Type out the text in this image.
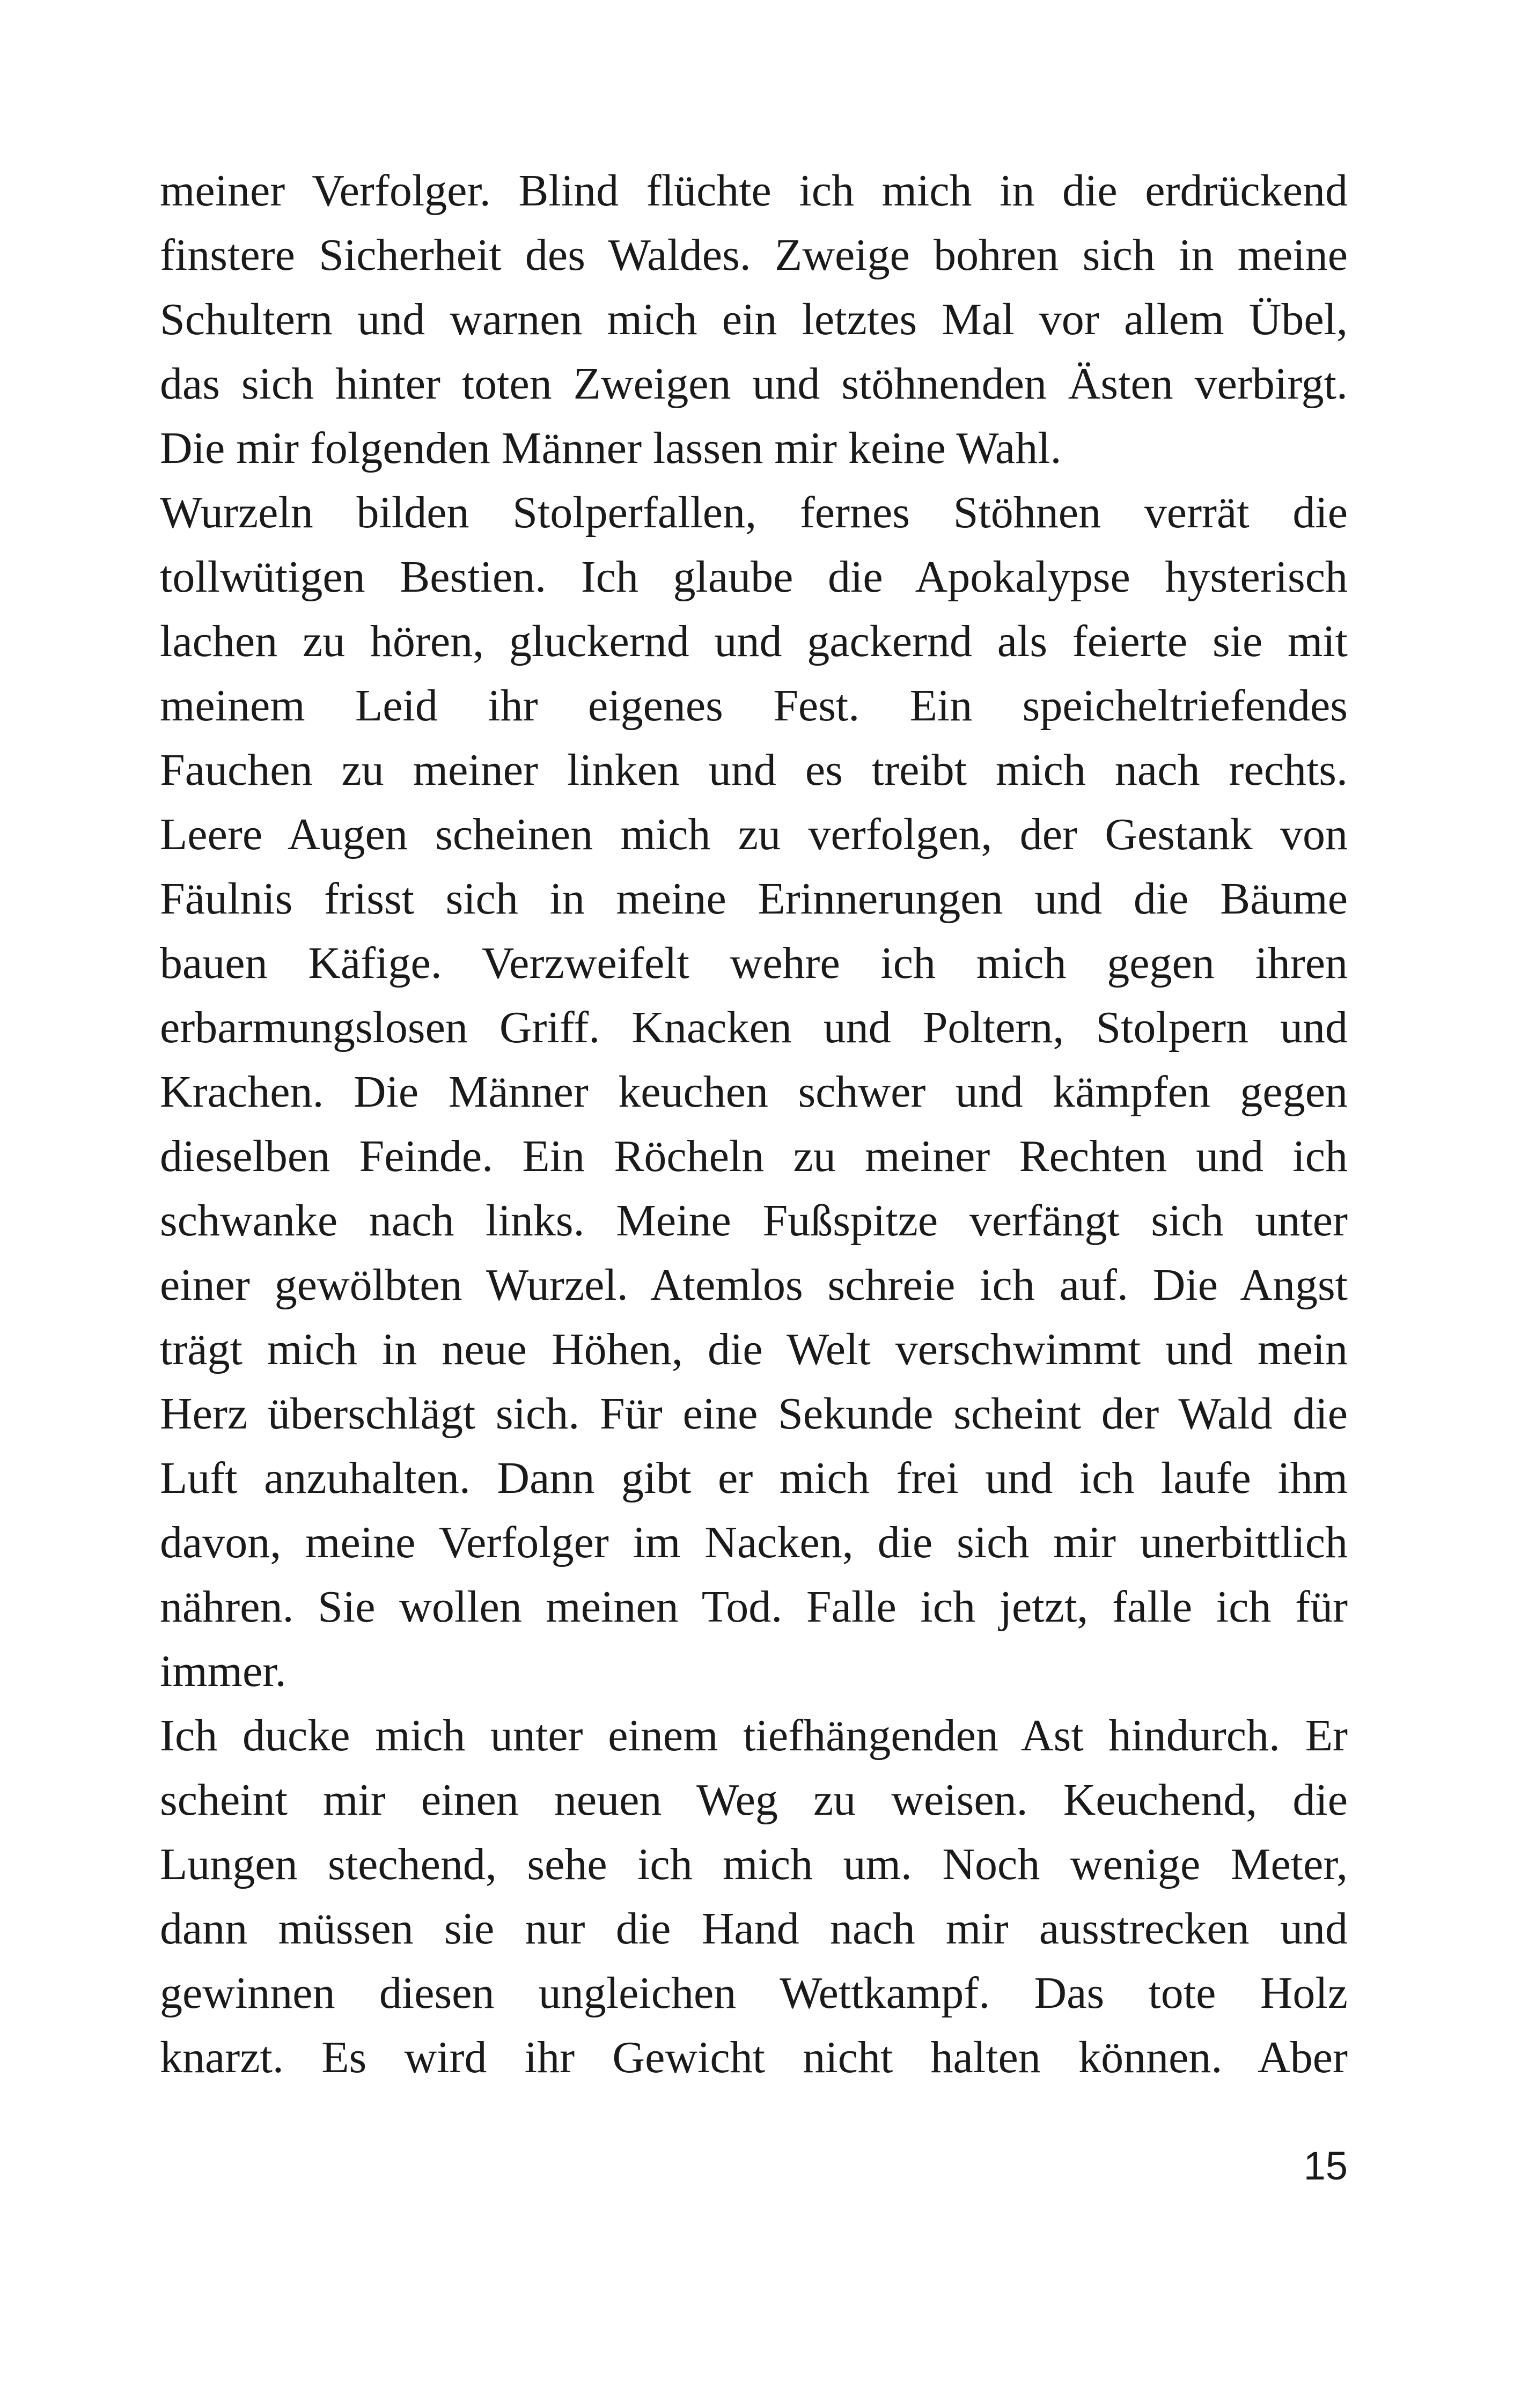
meiner Verfolger. Blind flüchte ich mich in die erdrückend
finstere Sicherheit des Waldes. Zweige bohren sich in meine
Schultern und warnen mich ein letztes Mal vor allem Übel,
das sich hinter toten Zweigen und stöhnenden Ästen verbirgt.
Die mir folgenden Männer lassen mir keine Wahl.
Wurzeln bilden Stolperfallen, fernes Stöhnen verrät die
tollwütigen Bestien. Ich glaube die Apokalypse hysterisch
lachen zu hören, gluckernd und gackernd als feierte sie mit
meinem Leid ihr eigenes Fest. Ein speicheltriefendes
Fauchen zu meiner linken und es treibt mich nach rechts.
Leere Augen scheinen mich zu verfolgen, der Gestank von
Fäulnis frisst sich in meine Erinnerungen und die Bäume
bauen Käfige. Verzweifelt wehre ich mich gegen ihren
erbarmungslosen Griff. Knacken und Poltern, Stolpern und
Krachen. Die Männer keuchen schwer und kämpfen gegen
dieselben Feinde. Ein Röcheln zu meiner Rechten und ich
schwanke nach links. Meine Fußspitze verfängt sich unter
einer gewölbten Wurzel. Atemlos schreie ich auf. Die Angst
trägt mich in neue Höhen, die Welt verschwimmt und mein
Herz überschlägt sich. Für eine Sekunde scheint der Wald die
Luft anzuhalten. Dann gibt er mich frei und ich laufe ihm
davon, meine Verfolger im Nacken, die sich mir unerbittlich
nähren. Sie wollen meinen Tod. Falle ich jetzt, falle ich für
immer.
Ich ducke mich unter einem tiefhängenden Ast hindurch. Er
scheint mir einen neuen Weg zu weisen. Keuchend, die
Lungen stechend, sehe ich mich um. Noch wenige Meter,
dann müssen sie nur die Hand nach mir ausstrecken und
gewinnen diesen ungleichen Wettkampf. Das tote Holz
knarzt. Es wird ihr Gewicht nicht halten können. Aber
15
